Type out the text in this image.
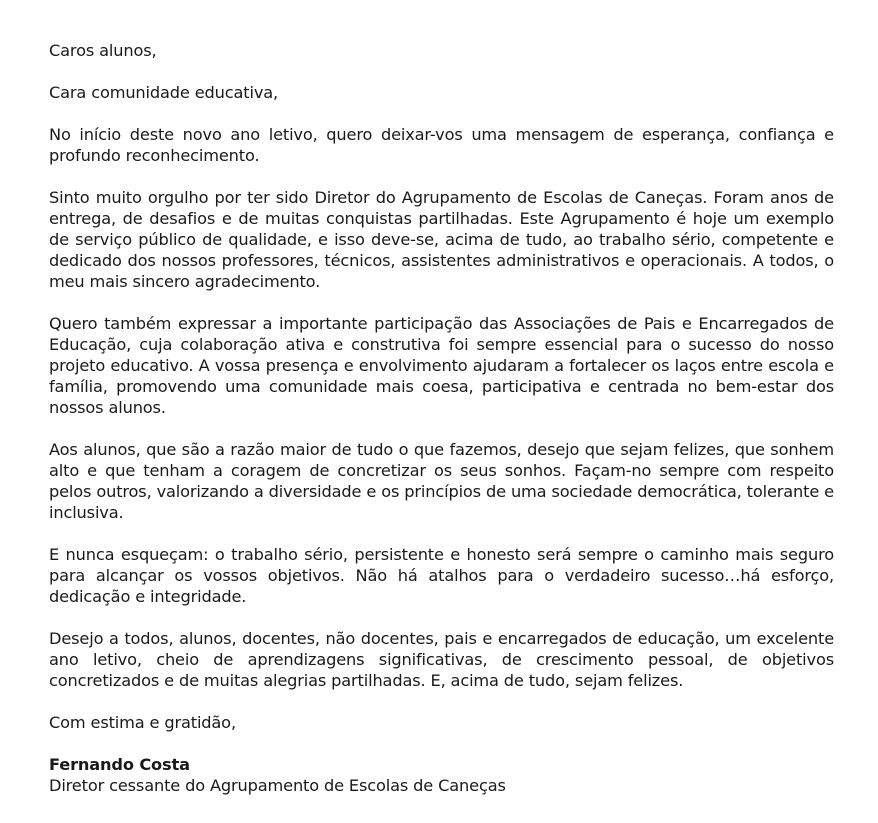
Caros alunos,

Cara comunidade educativa,

No início deste novo ano letivo, quero deixar-vos uma mensagem de esperança, confiança e profundo reconhecimento.

Sinto muito orgulho por ter sido Diretor do Agrupamento de Escolas de Caneças. Foram anos de entrega, de desafios e de muitas conquistas partilhadas. Este Agrupamento é hoje um exemplo de serviço público de qualidade, e isso deve-se, acima de tudo, ao trabalho sério, competente e dedicado dos nossos professores, técnicos, assistentes administrativos e operacionais. A todos, o meu mais sincero agradecimento.

Quero também expressar a importante participação das Associações de Pais e Encarregados de Educação, cuja colaboração ativa e construtiva foi sempre essencial para o sucesso do nosso projeto educativo. A vossa presença e envolvimento ajudaram a fortalecer os laços entre escola e família, promovendo uma comunidade mais coesa, participativa e centrada no bem-estar dos nossos alunos.

Aos alunos, que são a razão maior de tudo o que fazemos, desejo que sejam felizes, que sonhem alto e que tenham a coragem de concretizar os seus sonhos. Façam-no sempre com respeito pelos outros, valorizando a diversidade e os princípios de uma sociedade democrática, tolerante e inclusiva.

E nunca esqueçam: o trabalho sério, persistente e honesto será sempre o caminho mais seguro para alcançar os vossos objetivos. Não há atalhos para o verdadeiro sucesso…há esforço, dedicação e integridade.

Desejo a todos, alunos, docentes, não docentes, pais e encarregados de educação, um excelente ano letivo, cheio de aprendizagens significativas, de crescimento pessoal, de objetivos concretizados e de muitas alegrias partilhadas. E, acima de tudo, sejam felizes.

Com estima e gratidão,

Fernando Costa
Diretor cessante do Agrupamento de Escolas de Caneças
